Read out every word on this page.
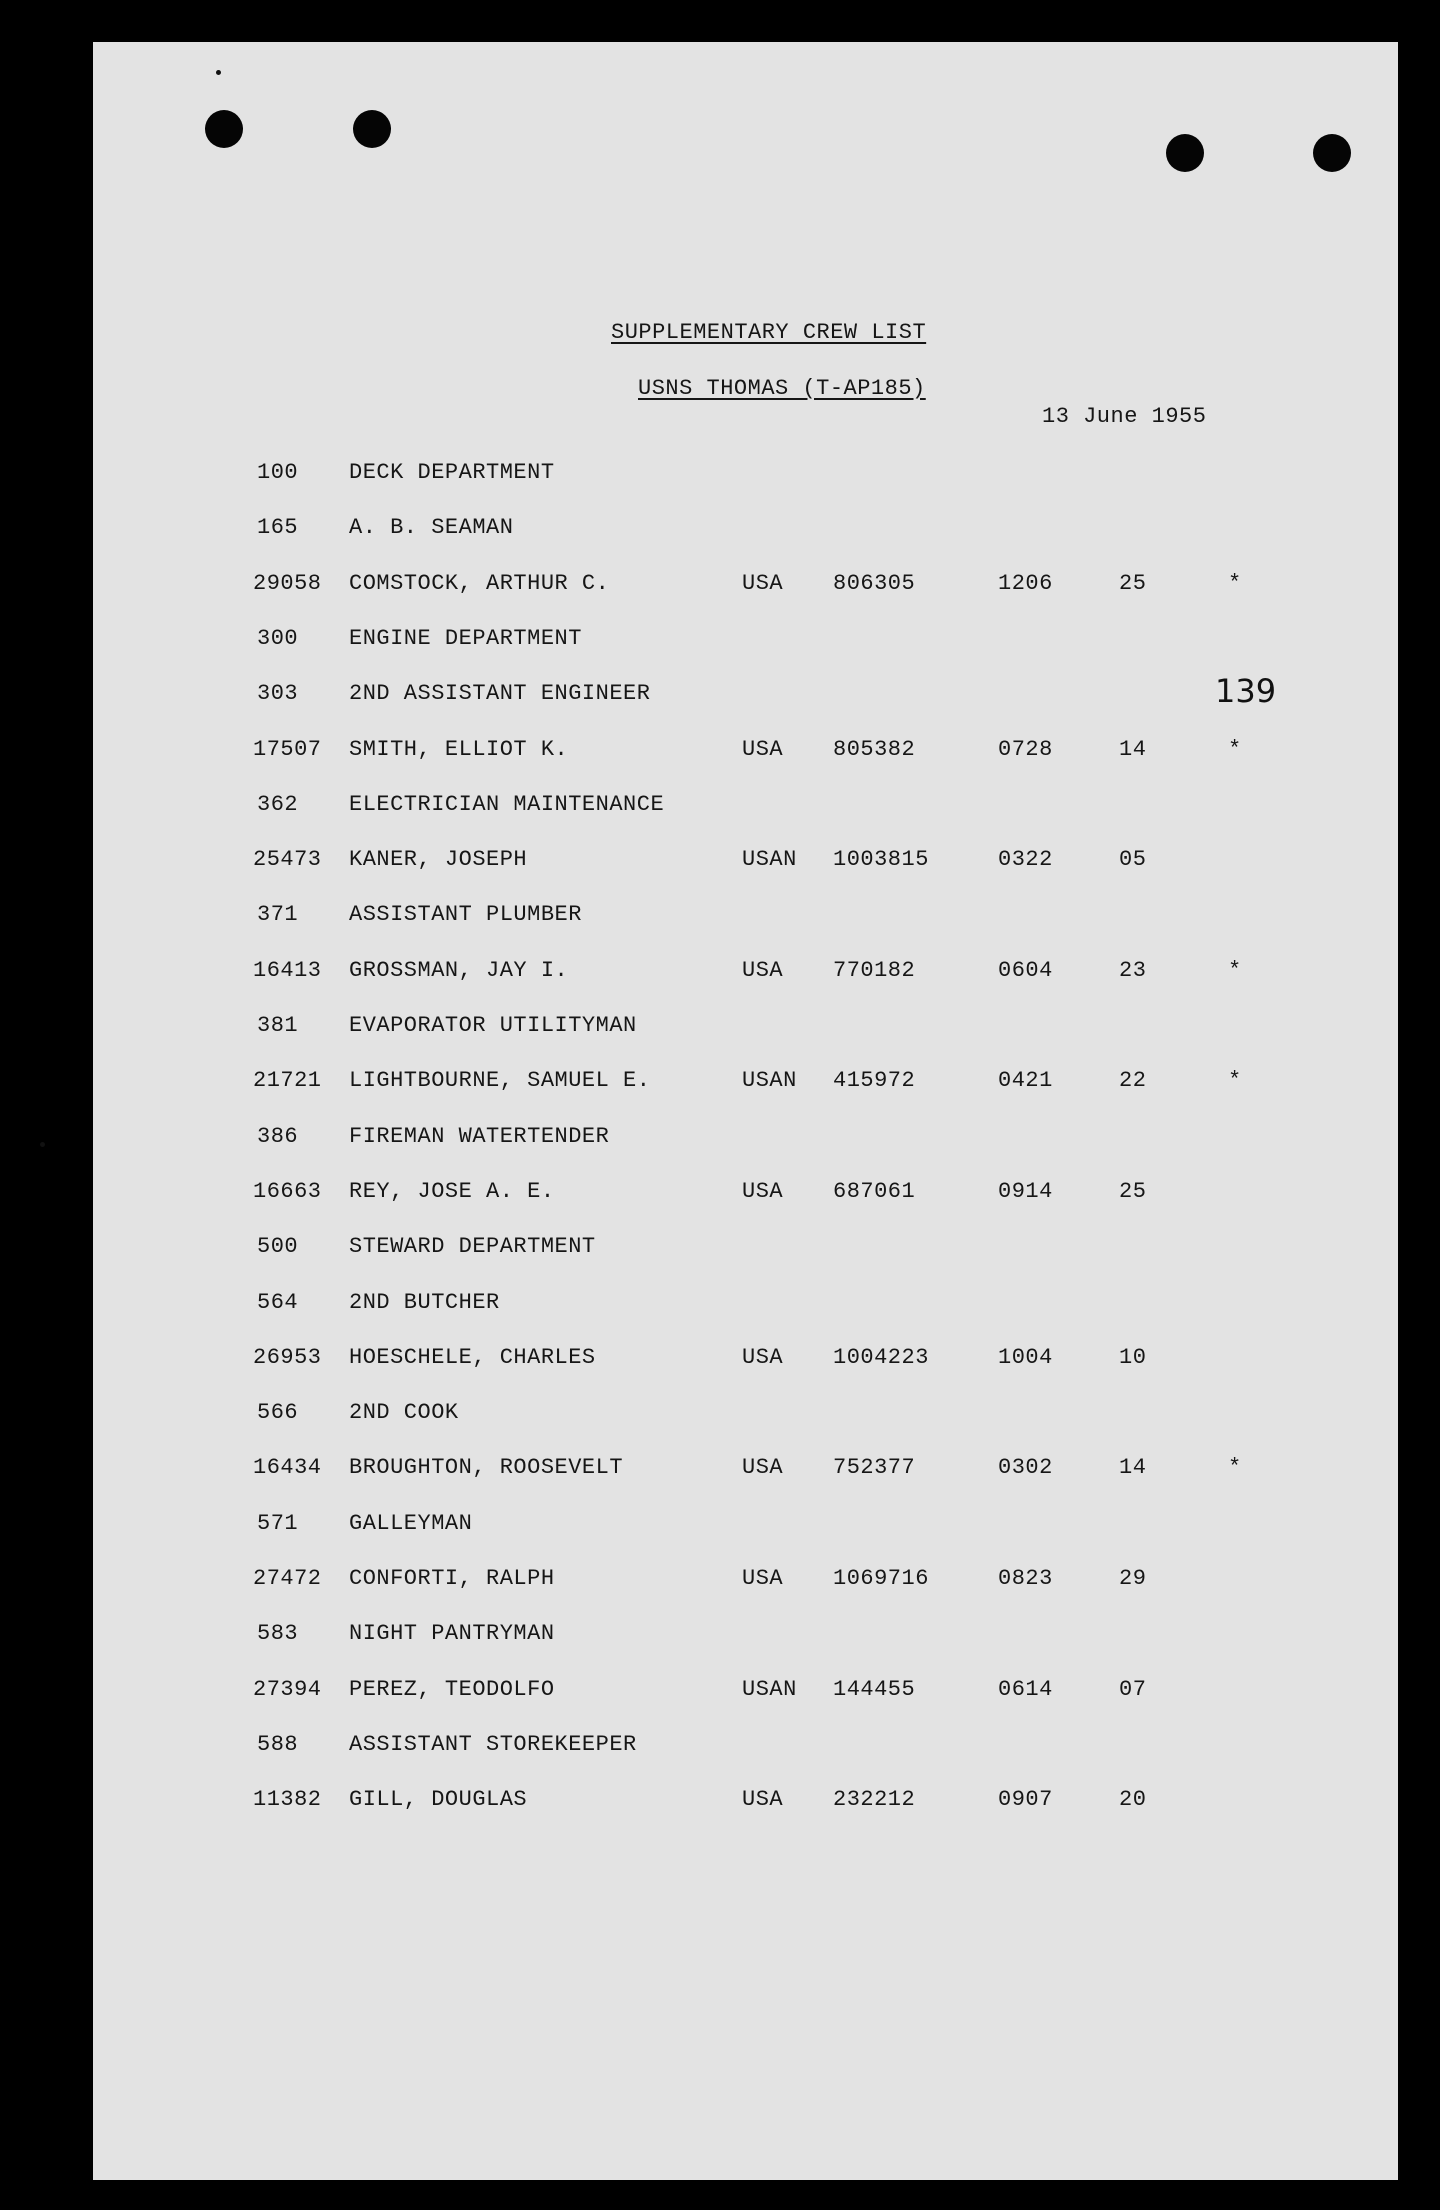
SUPPLEMENTARY CREW LIST
USNS THOMAS (T-AP185)
13 June 1955
139
100 DECK DEPARTMENT
165 A. B. SEAMAN
29058 COMSTOCK, ARTHUR C.	USA 806305	1206	25	*
300 ENGINE DEPARTMENT
303 2ND ASSISTANT ENGINEER
17507 SMITH, ELLIOT K.	USA 805382	0728	14	*
362 ELECTRICIAN MAINTENANCE
25473 KANER, JOSEPH	USAN 1003815	0322	05
371 ASSISTANT PLUMBER
16413 GROSSMAN, JAY I.	USA 770182	0604	23	*
381 EVAPORATOR UTILITYMAN
21721 LIGHTBOURNE, SAMUEL E.	USAN 415972	0421	22	*
386 FIREMAN WATERTENDER
16663 REY, JOSE A. E.	USA 687061	0914	25
500 STEWARD DEPARTMENT
564 2ND BUTCHER
26953 HOESCHELE, CHARLES	USA 1004223	1004	10
566 2ND COOK
16434 BROUGHTON, ROOSEVELT	USA 752377	0302	14	*
571 GALLEYMAN
27472 CONFORTI, RALPH	USA 1069716	0823	29
583 NIGHT PANTRYMAN
27394 PEREZ, TEODOLFO	USAN 144455	0614	07
588 ASSISTANT STOREKEEPER
11382 GILL, DOUGLAS	USA 232212	0907	20
